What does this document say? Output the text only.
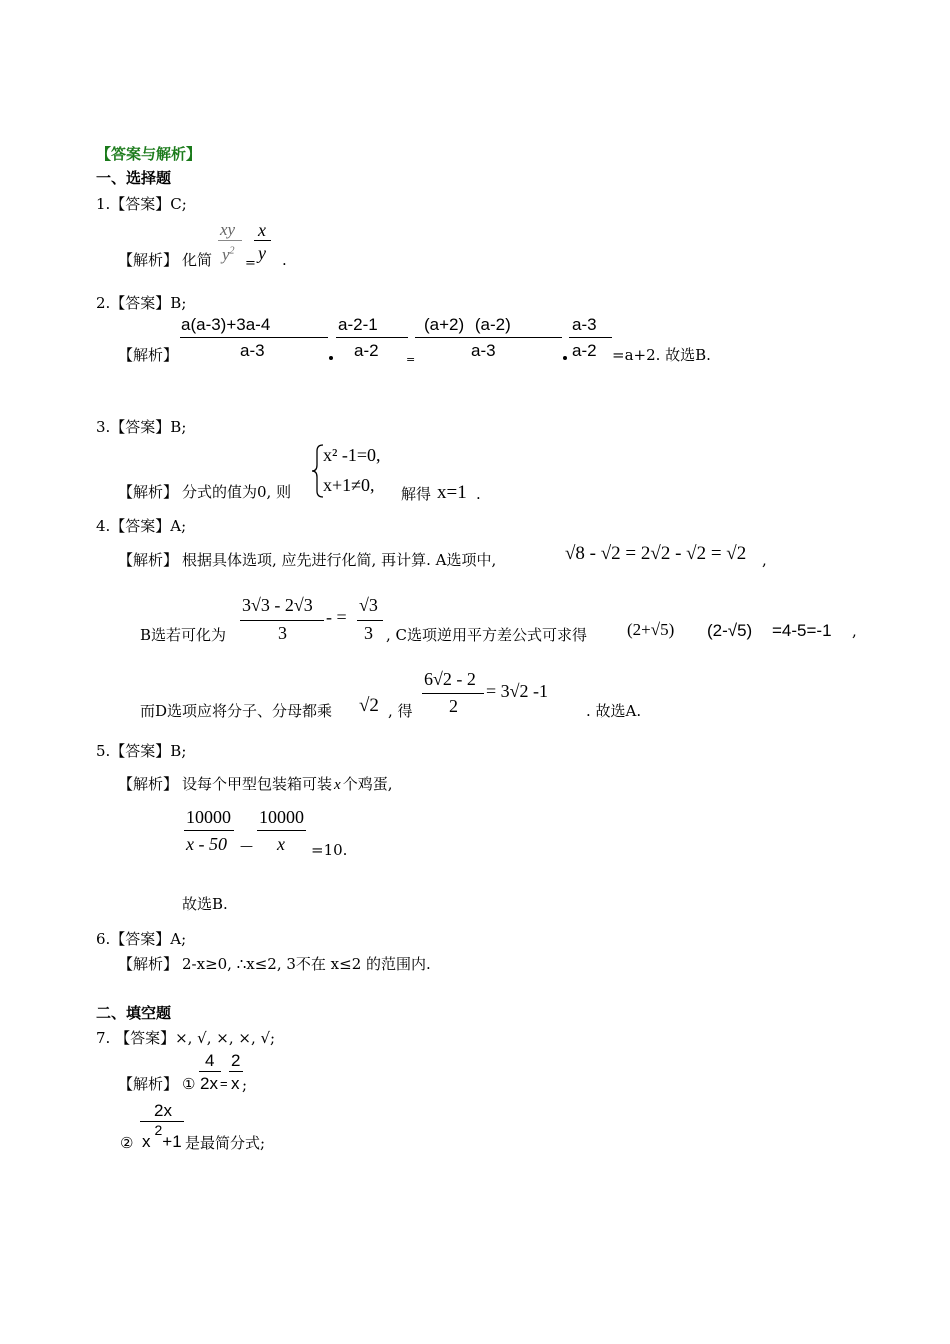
【答案与解析】
一、选择题
1.【答案】C;
【解析】 化简
xy
$y^2$
=
x
y .
2.【答案】B;
【解析】
a(a-3)+3a-4
a-3
a-2-1
a-2 =
(a+2) (a-2)
a-3
a-3
a-2 =a+2. 故选B.
3.【答案】B;
【解析】 分式的值为0, 则
x² -1=0,
x+1≠0, 解得 x=1 .
4.【答案】A;
【解析】 根据具体选项, 应先进行化简, 再计算. A选项中,	√8 - √2 = 2√2 - √2 = √2 ,
B选若可化为
3√3 - 2√3
3
- =
√3
3 , C选项逆用平方差公式可求得 (2+√5) (2-√5) =4-5=-1 ,
而D选项应将分子、分母都乘 √2 , 得
6√2 - 2
2
= 3√2 -1
. 故选A.
5.【答案】B;
【解析】 设每个甲型包装箱可装 x 个鸡蛋,
10000
x - 50 —
10000
x =10.
故选B.
6.【答案】A;
【解析】 2-x≥0, ∴x≤2, 3不在 x≤2 的范围内.
二、填空题
7. 【答案】×, √, ×, ×, √;
【解析】 ①
4
2x =
2
x ;
②
2x
x2+1 是最简分式;
